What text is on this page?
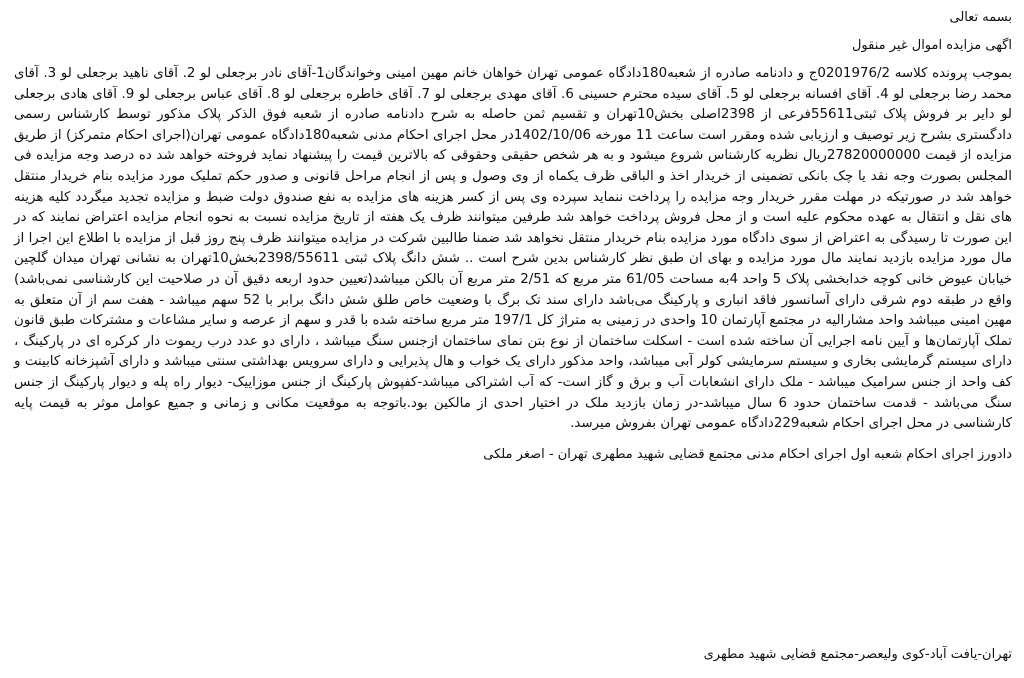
بسمه تعالی

اگهی مزایده اموال غیر منقول

بموجب پرونده کلاسه 0201976/2ج و دادنامه صادره از شعبه180دادگاه عمومی تهران خواهان خانم مهین امینی وخواندگان1-آقای نادر برجعلی لو 2. آقای ناهید برجعلی لو 3. آقای محمد رضا برجعلی لو 4. آقای افسانه برجعلی لو 5. آقای سیده محترم حسینی 6. آقای مهدی برجعلی لو 7. آقای خاطره برجعلی لو 8. آقای عباس برجعلی لو 9. آقای هادی برجعلی لو دایر بر فروش پلاک ثبتی55611فرعی از 2398اصلی بخش10تهران و تقسیم ثمن حاصله به شرح دادنامه صادره از شعبه فوق الذکر پلاک مذکور توسط کارشناس رسمی دادگستری بشرح زیر توصیف و ارزیابی شده ومقرر است ساعت 11 مورخه 1402/10/06در محل اجرای احکام مدنی شعبه180دادگاه عمومی تهران(اجرای احکام متمرکز) از طریق مزایده از قیمت 27820000000ریال نظریه کارشناس شروع میشود و به هر شخص حقیقی وحقوقی که بالاترین قیمت را پیشنهاد نماید فروخته خواهد شد ده درصد وجه مزایده فی المجلس بصورت وجه نقد یا چک بانکی تضمینی از خریدار اخذ و الباقی ظرف یکماه از وی وصول و پس از انجام مراحل قانونی و صدور حکم تملیک مورد مزایده بنام خریدار منتقل خواهد شد در صورتیکه در مهلت مقرر خریدار وجه مزایده را پرداخت ننماید سپرده وی پس از کسر هزینه های مزایده به نفع صندوق دولت ضبط و مزایده تجدید میگردد کلیه هزینه های نقل و انتقال به عهده محکوم علیه است و از محل فروش پرداخت خواهد شد طرفین میتوانند ظرف یک هفته از تاریخ مزایده نسبت به نحوه انجام مزایده اعتراض نمایند که در این صورت تا رسیدگی به اعتراض از سوی دادگاه مورد مزایده بنام خریدار منتقل نخواهد شد ضمنا طالبین شرکت در مزایده میتوانند ظرف پنج روز قبل از مزایده با اطلاع این اجرا از مال مورد مزایده بازدید نمایند مال مورد مزایده و بهای ان طبق نظر کارشناس بدین شرح است .. شش دانگ پلاک ثبتی 2398/55611بخش10تهران به نشانی تهران میدان گلچین خیابان عیوض خانی کوچه خدابخشی پلاک 5 واحد 4به مساحت 61/05 متر مربع که 2/51 متر مربع آن بالکن میباشد(تعیین حدود اربعه دقیق آن در صلاحیت این کارشناسی نمی‌باشد) واقع در طبقه دوم شرقی دارای آسانسور فاقد انباری و پارکینگ می‌باشد دارای سند تک برگ با وضعیت خاص طلق شش دانگ برابر با 52 سهم میباشد - هفت سم از آن متعلق به مهین امینی میباشد واحد مشارالیه در مجتمع آپارتمان 10 واحدی در زمینی به متراژ کل 197/1 متر مربع ساخته شده با قدر و سهم از عرصه و سایر مشاعات و مشترکات طبق قانون تملک آپارتمان‌ها و آیین نامه اجرایی آن ساخته شده است - اسکلت ساختمان از نوع بتن نمای ساختمان ازجنس سنگ میباشد ، دارای دو عدد درب ریموت دار کرکره ای در پارکینگ ، دارای سیستم گرمایشی بخاری و سیستم سرمایشی کولر آبی میباشد، واحد مذکور دارای یک خواب و هال پذیرایی و دارای سرویس بهداشتی سنتی میباشد و دارای آشپزخانه کابینت و کف واحد از جنس سرامیک میباشد - ملک دارای انشعابات آب و برق و گاز است- که آب اشتراکی میباشد-کفپوش پارکینگ از جنس موزاییک- دیوار راه پله و دیوار پارکینگ از جنس سنگ می‌باشد - قدمت ساختمان حدود 6 سال میباشد-در زمان بازدید ملک در اختیار احدی از مالکین بود.باتوجه به موقعیت مکانی و زمانی و جمیع عوامل موثر به قیمت پایه کارشناسی در محل اجرای احکام شعبه229دادگاه عمومی تهران بفروش میرسد.

دادورز اجرای احکام شعبه اول اجرای احکام مدنی مجتمع قضایی شهید مطهری تهران - اصغر ملکی

تهران-یافت آباد-کوی ولیعصر-مجتمع قضایی شهید مطهری
